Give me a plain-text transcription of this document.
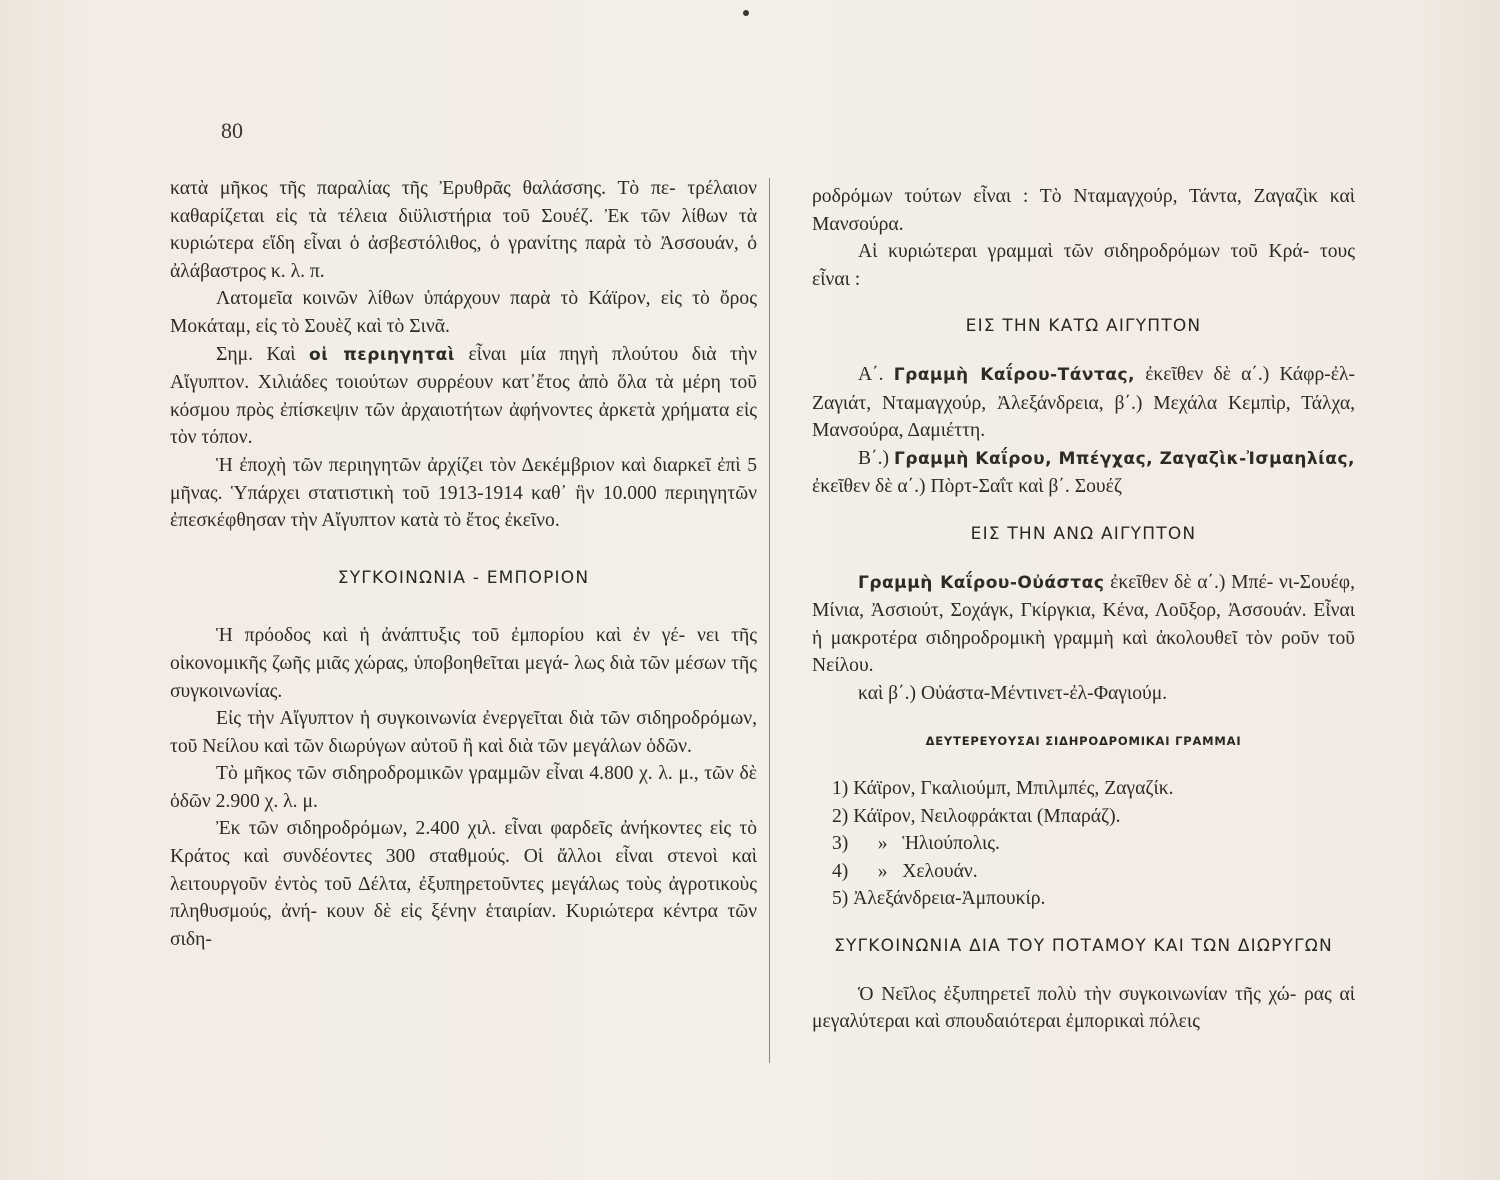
80

κατὰ μῆκος τῆς παραλίας τῆς Ἐρυθρᾶς θαλάσσης. Τὸ πε- τρέλαιον καθαρίζεται εἰς τὰ τέλεια διϋλιστήρια τοῦ Σουέζ. Ἐκ τῶν λίθων τὰ κυριώτερα εἴδη εἶναι ὁ ἀσβεστόλιθος, ὁ γρανίτης παρὰ τὸ Ἀσσουάν, ὁ ἀλάβαστρος κ. λ. π.

Λατομεῖα κοινῶν λίθων ὑπάρχουν παρὰ τὸ Κάϊρον, εἰς τὸ ὄρος Μοκάταμ, εἰς τὸ Σουὲζ καὶ τὸ Σινᾶ.

Σημ. Καὶ οἱ περιηγηταὶ εἶναι μία πηγὴ πλούτου διὰ τὴν Αἴγυπτον. Χιλιάδες τοιούτων συρρέουν κατ᾽ἔτος ἀπὸ ὅλα τὰ μέρη τοῦ κόσμου πρὸς ἐπίσκεψιν τῶν ἀρχαιοτήτων ἀφήνοντες ἀρκετὰ χρήματα εἰς τὸν τόπον.

Ἡ ἐποχὴ τῶν περιηγητῶν ἀρχίζει τὸν Δεκέμβριον καὶ διαρκεῖ ἐπὶ 5 μῆνας. Ὑπάρχει στατιστικὴ τοῦ 1913-1914 καθ᾽ ἣν 10.000 περιηγητῶν ἐπεσκέφθησαν τὴν Αἴγυπτον κατὰ τὸ ἔτος ἐκεῖνο.

ΣΥΓΚΟΙΝΩΝΙΑ - ΕΜΠΟΡΙΟΝ

Ἡ πρόοδος καὶ ἡ ἀνάπτυξις τοῦ ἐμπορίου καὶ ἐν γέ- νει τῆς οἰκονομικῆς ζωῆς μιᾶς χώρας, ὑποβοηθεῖται μεγά- λως διὰ τῶν μέσων τῆς συγκοινωνίας.

Εἰς τὴν Αἴγυπτον ἡ συγκοινωνία ἐνεργεῖται διὰ τῶν σιδηροδρόμων, τοῦ Νείλου καὶ τῶν διωρύγων αὐτοῦ ἢ καὶ διὰ τῶν μεγάλων ὁδῶν.

Τὸ μῆκος τῶν σιδηροδρομικῶν γραμμῶν εἶναι 4.800 χ. λ. μ., τῶν δὲ ὁδῶν 2.900 χ. λ. μ.

Ἐκ τῶν σιδηροδρόμων, 2.400 χιλ. εἶναι φαρδεῖς ἀνήκοντες εἰς τὸ Κράτος καὶ συνδέοντες 300 σταθμούς. Οἱ ἄλλοι εἶναι στενοὶ καὶ λειτουργοῦν ἐντὸς τοῦ Δέλτα, ἐξυπηρετοῦντες μεγάλως τοὺς ἀγροτικοὺς πληθυσμούς, ἀνή- κουν δὲ εἰς ξένην ἑταιρίαν. Κυριώτερα κέντρα τῶν σιδη-

ροδρόμων τούτων εἶναι : Τὸ Νταμαγχούρ, Τάντα, Ζαγαζὶκ καὶ Μανσούρα.

Αἱ κυριώτεραι γραμμαὶ τῶν σιδηροδρόμων τοῦ Κρά- τους εἶναι :

ΕΙΣ ΤΗΝ ΚΑΤΩ ΑΙΓΥΠΤΟΝ

Α΄. Γραμμὴ Καΐρου-Τάντας, ἐκεῖθεν δὲ α΄.) Κάφρ-ἐλ-Ζαγιάτ, Νταμαγχούρ, Ἀλεξάνδρεια, β΄.) Μεχάλα Κεμπὶρ, Τάλχα, Μανσούρα, Δαμιέττη.

Β΄.) Γραμμὴ Καΐρου, Μπέγχας, Ζαγαζὶκ-Ἰσμαηλίας, ἐκεῖθεν δὲ α΄.) Πὸρτ-Σαΐτ καὶ β΄. Σουέζ

ΕΙΣ ΤΗΝ ΑΝΩ ΑΙΓΥΠΤΟΝ

Γραμμὴ Καΐρου-Οὐάστας ἐκεῖθεν δὲ α΄.) Μπέ- νι-Σουέφ, Μίνια, Ἀσσιούτ, Σοχάγκ, Γκίργκια, Κένα, Λοῦξορ, Ἀσσουάν. Εἶναι ἡ μακροτέρα σιδηροδρομικὴ γραμμὴ καὶ ἀκολουθεῖ τὸν ροῦν τοῦ Νείλου.

καὶ β΄.) Οὐάστα-Μέντινετ-ἐλ-Φαγιούμ.

ΔΕΥΤΕΡΕΥΟΥΣΑΙ ΣΙΔΗΡΟΔΡΟΜΙΚΑΙ ΓΡΑΜΜΑΙ
1) Κάϊρον, Γκαλιούμπ, Μπιλμπές, Ζαγαζίκ.
2) Κάϊρον, Νειλοφράκται (Μπαράζ).
3)      »   Ἡλιούπολις.
4)      »   Χελουάν.
5) Ἀλεξάνδρεια-Ἀμπουκίρ.
ΣΥΓΚΟΙΝΩΝΙΑ ΔΙΑ ΤΟΥ ΠΟΤΑΜΟΥ ΚΑΙ ΤΩΝ ΔΙΩΡΥΓΩΝ

Ὁ Νεῖλος ἐξυπηρετεῖ πολὺ τὴν συγκοινωνίαν τῆς χώ- ρας αἱ μεγαλύτεραι καὶ σπουδαιότεραι ἐμπορικαὶ πόλεις
